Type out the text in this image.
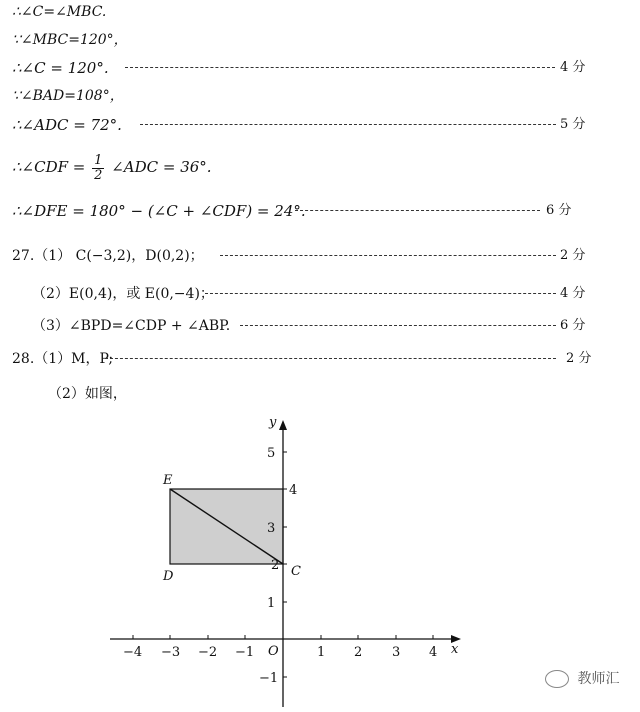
∴∠C=∠MBC.
∵∠MBC=120°，
∴∠C = 120°.	4 分
∵∠BAD=108°，
∴∠ADC = 72°.	5 分
∴∠CDF = $\frac{1}{2}$ ∠ADC = 36°.
∴∠DFE = 180° − (∠C + ∠CDF) = 24°.	6 分
27.（1） C(−3,2)，D(0,2)；	2 分
（2）E(0,4)，或 E(0,−4)；	4 分
（3）∠BPD=∠CDP + ∠ABP.	6 分
28.（1）M，P;	2 分
（2）如图，
−4 −3 −2 −1	1 2 3 4
5
4
3
2
1
−1
x
y
O
E
D	C
教师汇
